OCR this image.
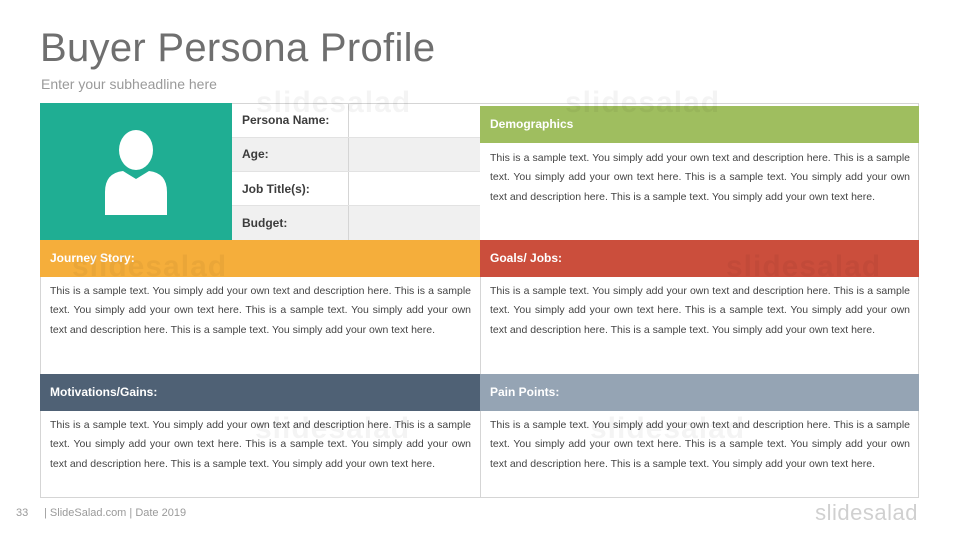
Buyer Persona Profile
Enter your subheadline here
Persona Name:	
Age:	
Job Title(s):	
Budget:	
Demographics
This is a sample text. You simply add your own text and description here. This is a sample text. You simply add your own text here. This is a sample text. You simply add your own text and description here. This is a sample text. You simply add your own text here.
Journey Story:
This is a sample text. You simply add your own text and description here. This is a sample text. You simply add your own text here. This is a sample text. You simply add your own text and description here. This is a sample text. You simply add your own text here.
Goals/ Jobs:
This is a sample text. You simply add your own text and description here. This is a sample text. You simply add your own text here. This is a sample text. You simply add your own text and description here. This is a sample text. You simply add your own text here.
Motivations/Gains:
This is a sample text. You simply add your own text and description here. This is a sample text. You simply add your own text here. This is a sample text. You simply add your own text and description here. This is a sample text. You simply add your own text here.
Pain Points:
This is a sample text. You simply add your own text and description here. This is a sample text. You simply add your own text here. This is a sample text. You simply add your own text and description here. This is a sample text. You simply add your own text here.
33 | SlideSalad.com | Date 2019	slidesalad
